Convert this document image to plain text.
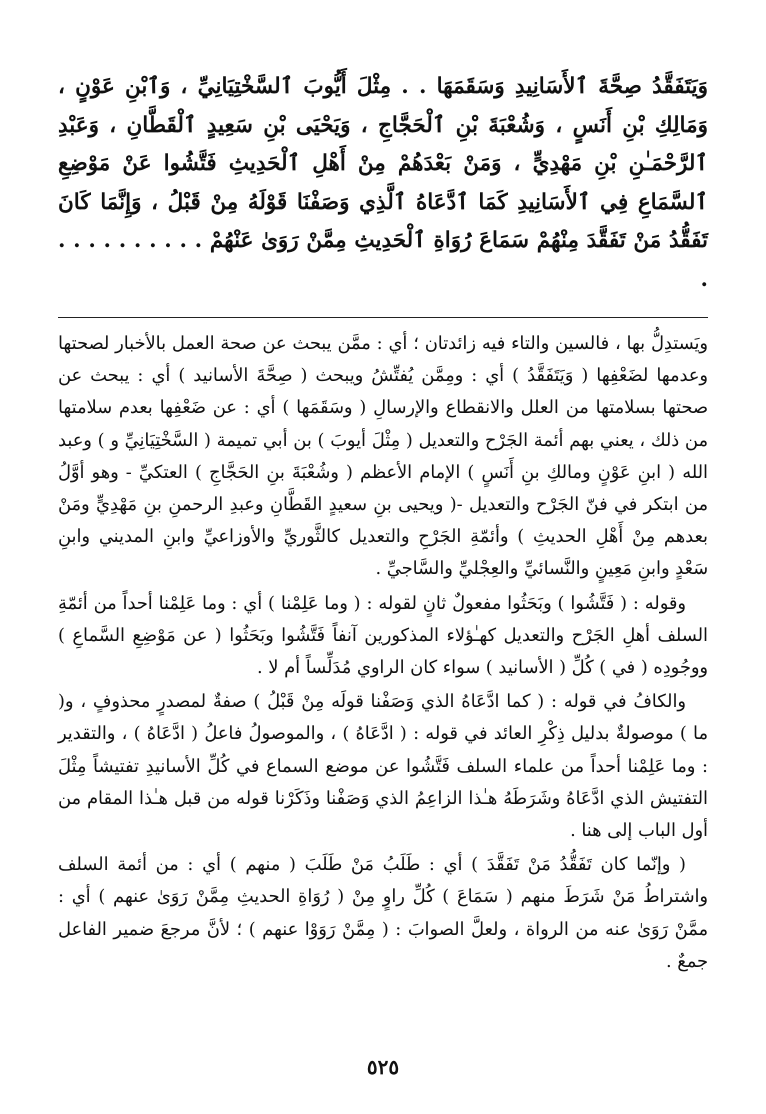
وَيَتَفَقَّدُ صِحَّةَ ٱلأَسَانِيدِ وَسَقَمَهَا . . مِثْلَ أَيُّوبَ ٱلسَّخْتِيَانِيِّ ، وَٱبْنِ عَوْنٍ ، وَمَالِكِ بْنِ أَنَسٍ ، وَشُعْبَةَ بْنِ ٱلْحَجَّاجِ ، وَيَحْيَى بْنِ سَعِيدٍ ٱلْقَطَّانِ ، وَعَبْدِ ٱلرَّحْمَـٰنِ بْنِ مَهْدِيٍّ ، وَمَنْ بَعْدَهُمْ مِنْ أَهْلِ ٱلْحَدِيثِ فَتَّشُوا عَنْ مَوْضِعِ ٱلسَّمَاعِ فِي ٱلأَسَانِيدِ كَمَا ٱدَّعَاهُ ٱلَّذِي وَصَفْنَا قَوْلَهُ مِنْ قَبْلُ ، وَإِنَّمَا كَانَ تَفَقُّدُ مَنْ تَفَقَّدَ مِنْهُمْ سَمَاعَ رُوَاةِ ٱلْحَدِيثِ مِمَّنْ رَوَىٰ عَنْهُمْ . . . . . . . . . . .

ويَستدِلُّ بها ، فالسين والتاء فيه زائدتان ؛ أي : ممَّن يبحث عن صحة العمل بالأخبار لصحتها وعدمها لضَعْفِها ( وَيَتَفَقَّدُ ) أي : ومِمَّن يُفتِّشُ ويبحث ( صِحَّةَ الأسانيد ) أي : يبحث عن صحتها بسلامتها من العلل والانقطاع والإرسالِ ( وسَقَمَها ) أي : عن ضَعْفِها بعدم سلامتها من ذلك ، يعني بهم أئمة الجَرْح والتعديل ( مِثْلَ أيوبَ ) بن أبي تميمة ( السَّخْتِيَانِيِّ و ) وعبد الله ( ابنِ عَوْنٍ ومالكِ بنِ أَنَسٍ ) الإمام الأعظم ( وشُعْبَةَ بنِ الحَجَّاجِ ) العتكيِّ - وهو أوَّلُ من ابتكر في فنّ الجَرْح والتعديل -( ويحيى بنِ سعيدٍ القَطَّانِ وعبدِ الرحمنِ بنِ مَهْدِيٍّ ومَنْ بعدهم مِنْ أَهْلِ الحديثِ ) وأئمّةِ الجَرْحِ والتعديل كالثَّوريِّ والأوزاعيِّ وابنِ المديني وابنِ سَعْدٍ وابنِ مَعِينٍ والنَّسائيِّ والعِجْليِّ والسَّاجيِّ .

وقوله : ( فَتَّشُوا ) وبَحَثُوا مفعولٌ ثانٍ لقوله : ( وما عَلِمْنا ) أي : وما عَلِمْنا أحداً من أئمّةِ السلف أهلِ الجَرْح والتعديل كهـٰؤلاء المذكورين آنفاً فَتَّشُوا وبَحَثُوا ( عن مَوْضِعِ السَّماعِ ) ووجُودِه ( في ) كُلِّ ( الأسانيد ) سواء كان الراوي مُدَلِّساً أم لا .

والكافُ في قوله : ( كما ادَّعَاهُ الذي وَصَفْنا قولَه مِنْ قَبْلُ ) صفةٌ لمصدرٍ محذوفٍ ، و( ما ) موصولةٌ بدليل ذِكْرِ العائد في قوله : ( ادَّعَاهُ ) ، والموصولُ فاعلُ ( ادَّعَاهُ ) ، والتقدير : وما عَلِمْنا أحداً من علماء السلف فَتَّشُوا عن موضع السماع في كُلِّ الأسانيدِ تفتيشاً مِثْلَ التفتيش الذي ادَّعَاهُ وشَرَطَهُ هـٰذا الزاعِمُ الذي وَصَفْنا وذَكَرْنا قوله من قبل هـٰذا المقام من أول الباب إلى هنا .

( وإنّما كان تَفَقُّدُ مَنْ تَفَقَّدَ ) أي : طَلَبُ مَنْ طَلَبَ ( منهم ) أي : من أئمة السلف واشتراطُ مَنْ شَرَطَ منهم ( سَمَاعَ ) كُلِّ راوٍ مِنْ ( رُوَاةِ الحديثِ مِمَّنْ رَوَىٰ عنهم ) أي : ممَّنْ رَوَىٰ عنه من الرواة ، ولعلَّ الصوابَ : ( مِمَّنْ رَوَوْا عنهم ) ؛ لأنَّ مرجعَ ضمير الفاعل جمعٌ .

٥٢٥
